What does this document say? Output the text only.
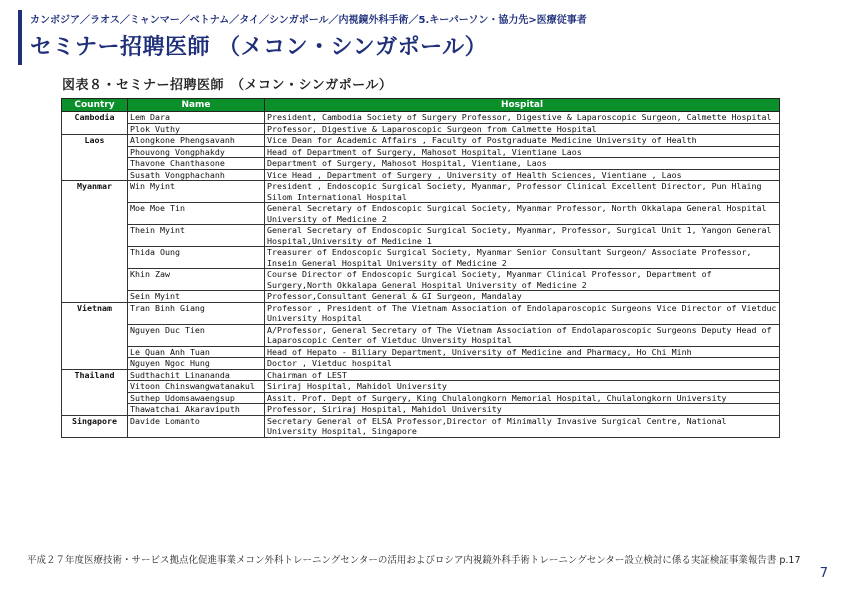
カンボジア／ラオス／ミャンマー／ベトナム／タイ／シンガポール／内視鏡外科手術／5.キーパーソン・協力先>医療従事者
セミナー招聘医師 （メコン・シンガポール）
図表８・セミナー招聘医師　（メコン・シンガポール）
Country	Name	Hospital
Cambodia	Lem Dara	President, Cambodia Society of Surgery Professor, Digestive & Laparoscopic Surgeon, Calmette Hospital
	Plok Vuthy	Professor, Digestive & Laparoscopic Surgeon from Calmette Hospital
Laos	Alongkone Phengsavanh	Vice Dean for Academic Affairs , Faculty of Postgraduate Medicine University of Health
	Phouvong Vongphakdy	Head of Department of Surgery, Mahosot Hospital, Vientiane Laos
	Thavone Chanthasone	Department of Surgery, Mahosot Hospital, Vientiane, Laos
	Susath Vongphachanh	Vice Head , Department of Surgery , University of Health Sciences, Vientiane , Laos
Myanmar	Win Myint	President , Endoscopic Surgical Society, Myanmar, Professor Clinical Excellent Director, Pun Hlaing Silom International Hospital
	Moe Moe Tin	General Secretary of Endoscopic Surgical Society, Myanmar Professor, North Okkalapa General Hospital University of Medicine 2
	Thein Myint	General Secretary of Endoscopic Surgical Society, Myanmar, Professor, Surgical Unit 1, Yangon General Hospital,University of Medicine 1
	Thida Oung	Treasurer of Endoscopic Surgical Society, Myanmar Senior Consultant Surgeon/ Associate Professor, Insein General Hospital University of Medicine 2
	Khin Zaw	Course Director of Endoscopic Surgical Society, Myanmar Clinical Professor, Department of Surgery,North Okkalapa General Hospital University of Medicine 2
	Sein Myint	Professor,Consultant General & GI Surgeon, Mandalay
Vietnam	Tran Binh Giang	Professor , President of The Vietnam Association of Endolaparoscopic Surgeons Vice Director of Vietduc University Hospital
	Nguyen Duc Tien	A/Professor, General Secretary of The Vietnam Association of Endolaparoscopic Surgeons Deputy Head of Laparoscopic Center of Vietduc Unversity Hospital
	Le Quan Anh Tuan	Head of Hepato - Biliary Department, University of Medicine and Pharmacy, Ho Chi Minh
	Nguyen Ngoc Hung	Doctor , Vietduc hospital
Thailand	Sudthachit Linananda	Chairman of LEST
	Vitoon Chinswangwatanakul	Siriraj Hospital, Mahidol University
	Suthep Udomsawaengsup	Assit. Prof. Dept of Surgery, King Chulalongkorn Memorial Hospital, Chulalongkorn University
	Thawatchai Akaraviputh	Professor, Siriraj Hospital, Mahidol University
Singapore	Davide Lomanto	Secretary General of ELSA Professor,Director of Minimally Invasive Surgical Centre, National University Hospital, Singapore
平成２７年度医療技術・サービス拠点化促進事業メコン外科トレーニングセンターの活用およびロシア内視鏡外科手術トレーニングセンター設立検討に係る実証検証事業報告書 p.17
7
